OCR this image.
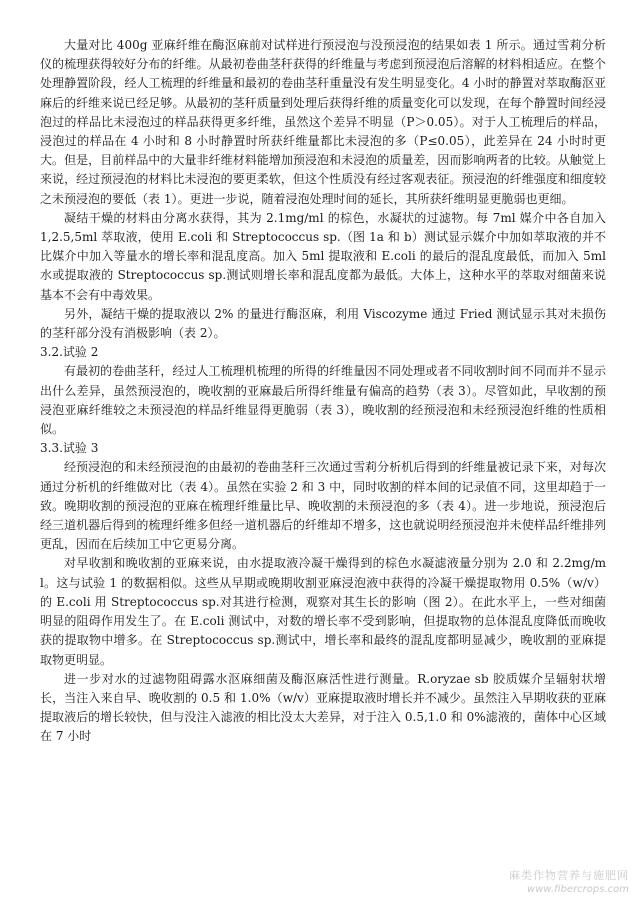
大量对比 400g 亚麻纤维在酶沤麻前对试样进行预浸泡与没预浸泡的结果如表 1 所示。通过雪莉分析仪的梳理获得较好分布的纤维。从最初卷曲茎秆获得的纤维量与考虑到预浸泡后溶解的材料相适应。在整个处理静置阶段，经人工梳理的纤维量和最初的卷曲茎秆重量没有发生明显变化。4 小时的静置对萃取酶沤亚麻后的纤维来说已经足够。从最初的茎秆质量到处理后获得纤维的质量变化可以发现，在每个静置时间经浸泡过的样品比未浸泡过的样品获得更多纤维，虽然这个差异不明显（P＞0.05）。对于人工梳理后的样品，浸泡过的样品在 4 小时和 8 小时静置时所获纤维量都比未浸泡的多（P≤0.05），此差异在 24 小时时更大。但是，目前样品中的大量非纤维材料能增加预浸泡和未浸泡的质量差，因而影响两者的比较。从触觉上来说，经过预浸泡的材料比未浸泡的要更柔软，但这个性质没有经过客观表征。预浸泡的纤维强度和细度较之未预浸泡的要低（表 1）。更进一步说，随着浸泡处理时间的延长，其所获纤维明显更脆弱也更细。

凝结干燥的材料由分离水获得，其为 2.1mg/ml 的棕色，水凝状的过滤物。每 7ml 媒介中各自加入 1,2.5,5ml 萃取液，使用 E.coli 和 Streptococcus sp.（图 1a 和 b）测试显示媒介中加如萃取液的并不比媒介中加入等量水的增长率和混乱度高。加入 5ml 提取液和 E.coli 的最后的混乱度最低，而加入 5ml 水或提取液的 Streptococcus sp.测试则增长率和混乱度都为最低。大体上，这种水平的萃取对细菌来说基本不会有中毒效果。

另外，凝结干燥的提取液以 2% 的量进行酶沤麻，利用 Viscozyme 通过 Fried 测试显示其对未损伤的茎秆部分没有消极影响（表 2）。

3.2.试验 2

有最初的卷曲茎秆，经过人工梳理机梳理的所得的纤维量因不同处理或者不同收割时间不同而并不显示出什么差异，虽然预浸泡的，晚收割的亚麻最后所得纤维量有偏高的趋势（表 3）。尽管如此，早收割的预浸泡亚麻纤维较之未预浸泡的样品纤维显得更脆弱（表 3），晚收割的经预浸泡和未经预浸泡纤维的性质相似。

3.3.试验 3

经预浸泡的和未经预浸泡的由最初的卷曲茎秆三次通过雪莉分析机后得到的纤维量被记录下来，对每次通过分析机的纤维做对比（表 4）。虽然在实验 2 和 3 中，同时收割的样本间的记录值不同，这里却趋于一致。晚期收割的预浸泡的亚麻在梳理纤维量比早、晚收割的未预浸泡的多（表 4）。进一步地说，预浸泡后经三道机器后得到的梳理纤维多但经一道机器后的纤维却不增多，这也就说明经预浸泡并未使样品纤维排列更乱，因而在后续加工中它更易分离。

对早收割和晚收割的亚麻来说，由水提取液冷凝干燥得到的棕色水凝滤液量分别为 2.0 和 2.2mg/ml。这与试验 1 的数据相似。这些从早期或晚期收割亚麻浸泡液中获得的冷凝干燥提取物用 0.5%（w/v）的 E.coli 用 Streptococcus sp.对其进行检测，观察对其生长的影响（图 2）。在此水平上，一些对细菌明显的阻碍作用发生了。在 E.coli 测试中，对数的增长率不受到影响，但提取物的总体混乱度降低而晚收获的提取物中增多。在 Streptococcus sp.测试中，增长率和最终的混乱度都明显减少，晚收割的亚麻提取物更明显。

进一步对水的过滤物阻碍露水沤麻细菌及酶沤麻活性进行测量。R.oryzae sb 胶质媒介呈辐射状增长，当注入来自早、晚收割的 0.5 和 1.0%（w/v）亚麻提取液时增长并不减少。虽然注入早期收获的亚麻提取液后的增长较快，但与没注入滤液的相比没太大差异，对于注入 0.5,1.0 和 0%滤液的，菌体中心区域在 7 小时

麻类作物营养与施肥网
www.fibercrops.com
